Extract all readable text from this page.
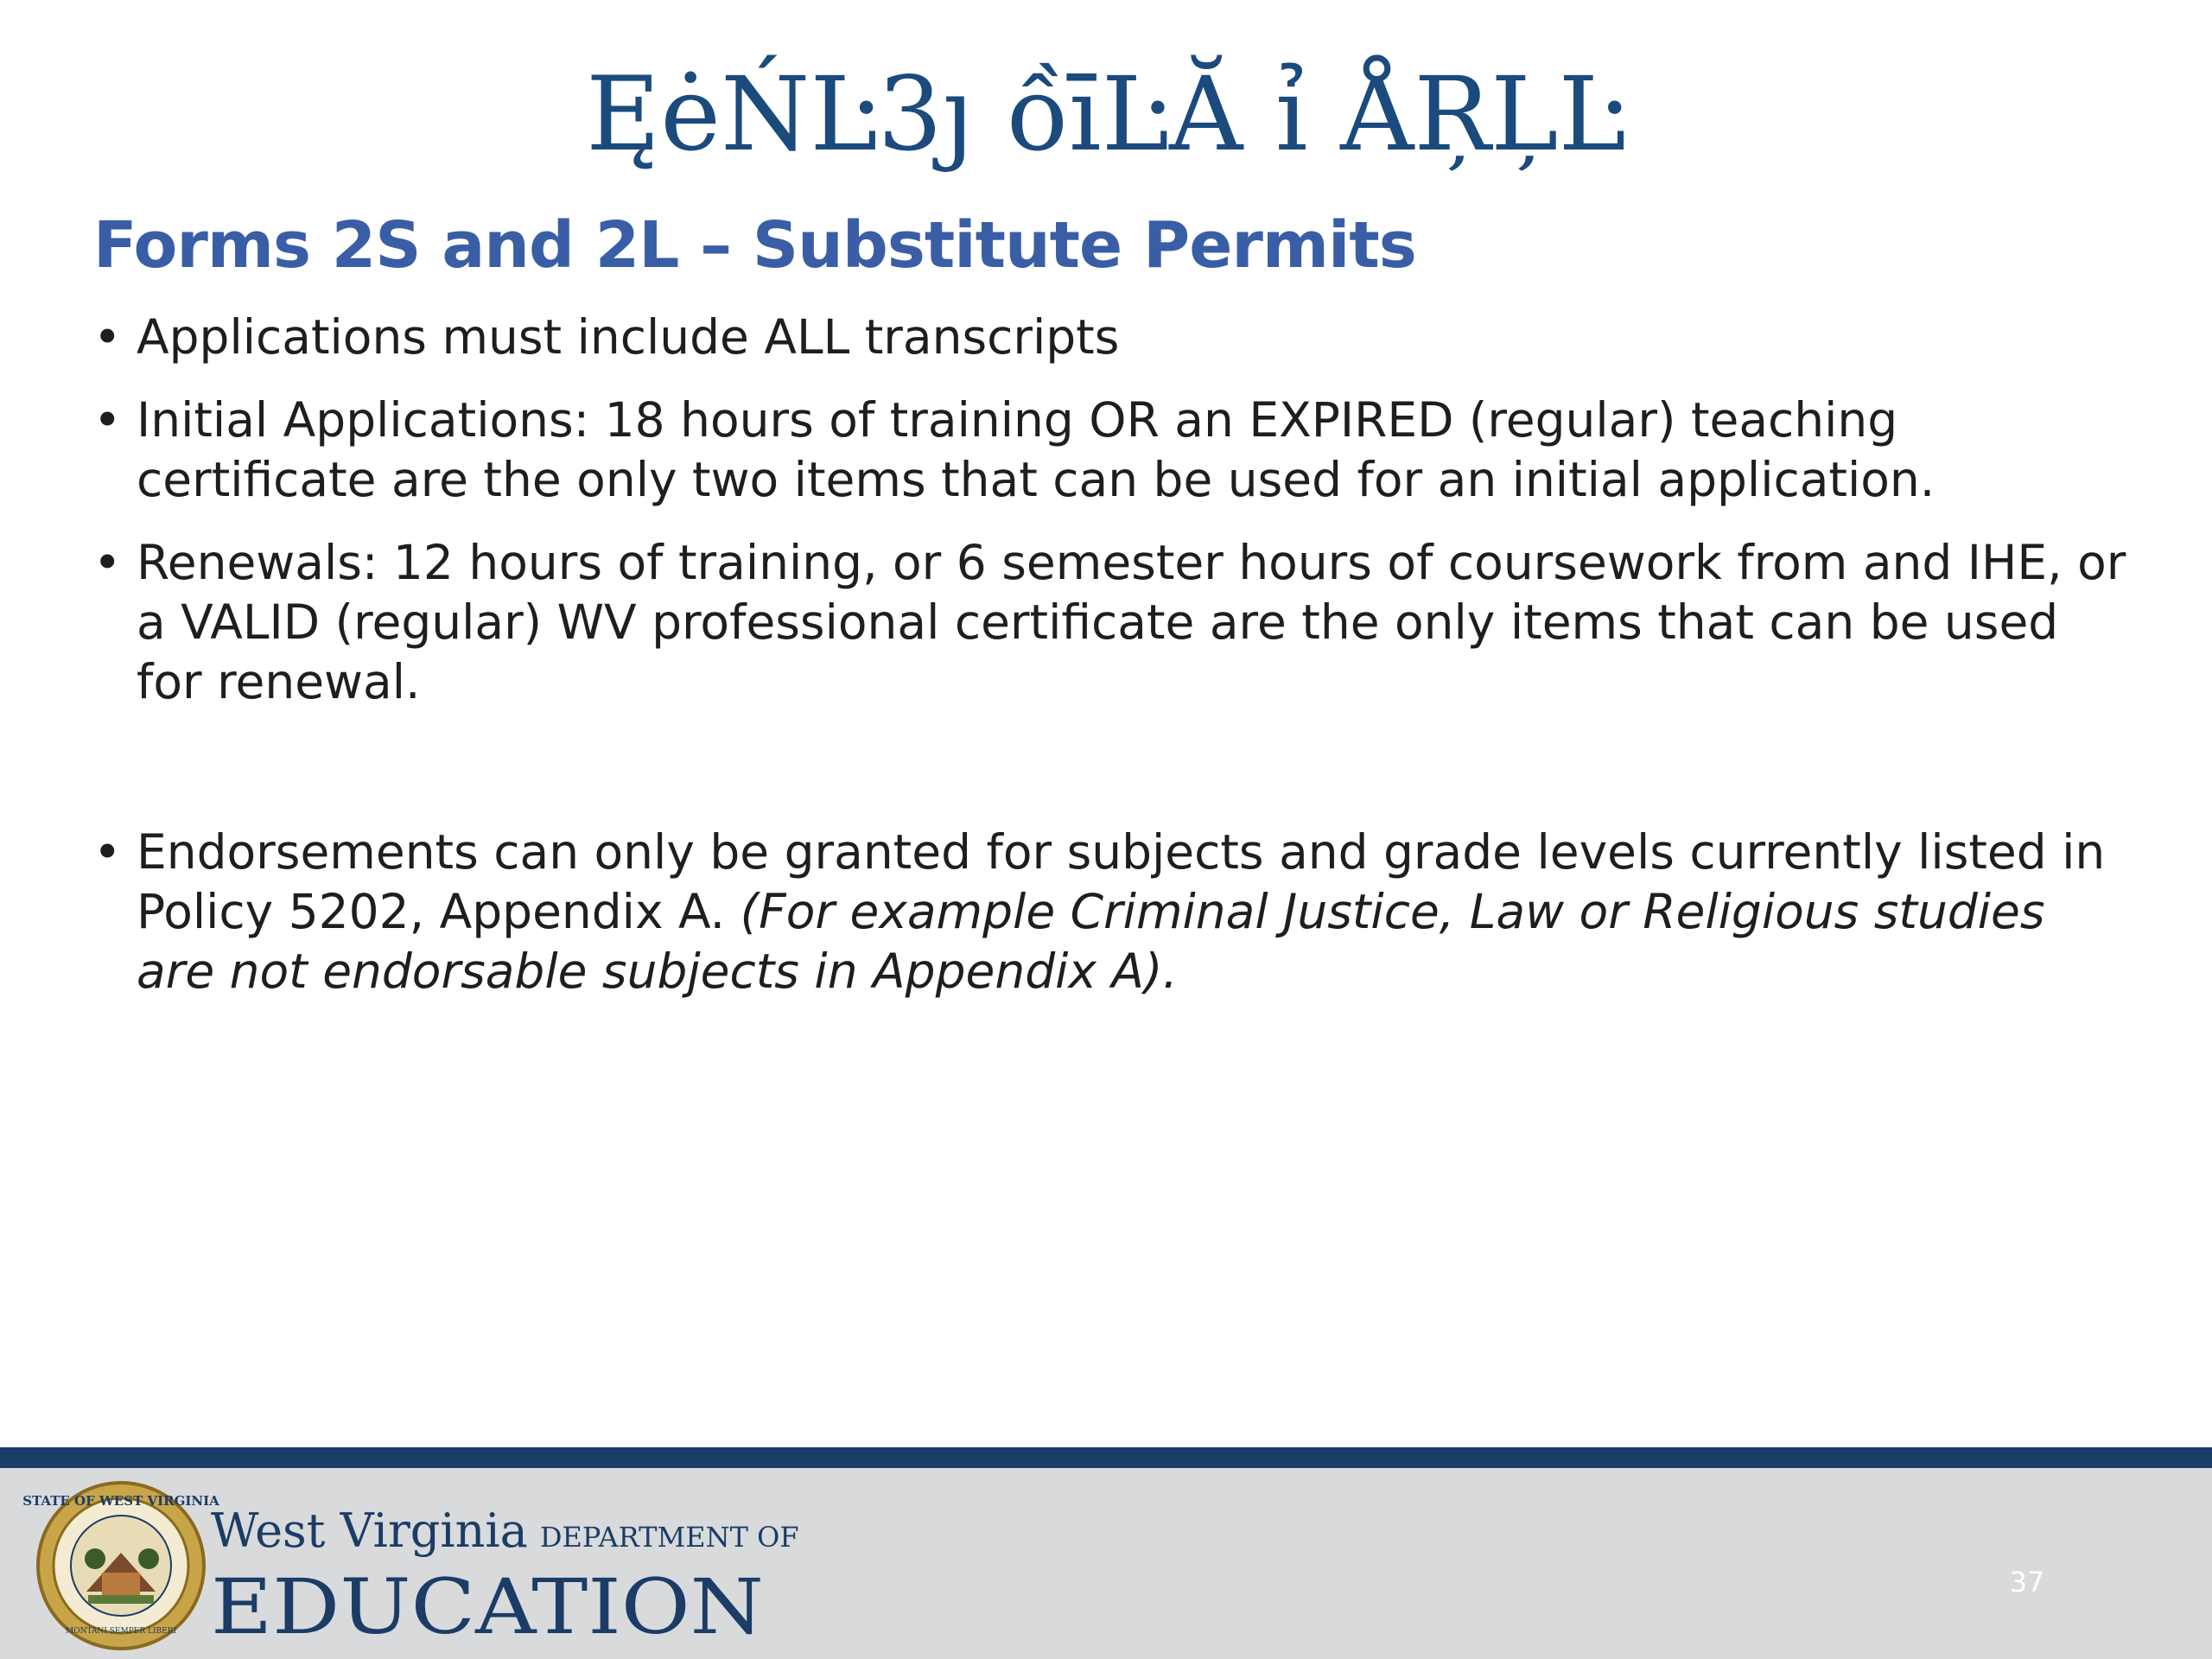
ĘėŃĿ3ȷ ồīĿĂ ỉ ÅŖĻĿ
Forms 2S and 2L – Substitute Permits
• Applications must include ALL transcripts
• Initial Applications: 18 hours of training OR an EXPIRED (regular) teaching certificate are the only two items that can be used for an initial application.
• Renewals: 12 hours of training, or 6 semester hours of coursework from and IHE, or a VALID (regular) WV professional certificate are the only items that can be used for renewal.
• Endorsements can only be granted for subjects and grade levels currently listed in Policy 5202, Appendix A. (For example Criminal Justice, Law or Religious studies are not endorsable subjects in Appendix A).
STATE OF WEST VIRGINIA
MONTANI SEMPER LIBERI
West Virginia DEPARTMENT OF
EDUCATION	37
